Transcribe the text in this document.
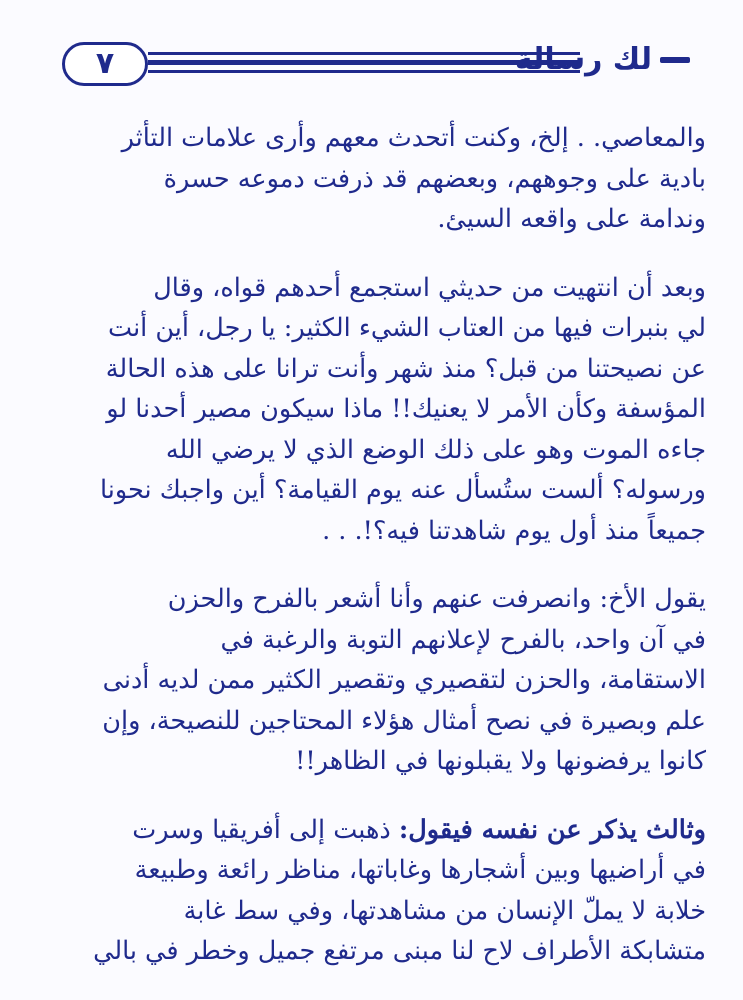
٧	لك رسالة

والمعاصي. . إلخ، وكنت أتحدث معهم وأرى علامات التأثر

بادية على وجوههم، وبعضهم قد ذرفت دموعه حسرة

وندامة على واقعه السيئ.

وبعد أن انتهيت من حديثي استجمع أحدهم قواه، وقال

لي بنبرات فيها من العتاب الشيء الكثير: يا رجل، أين أنت

عن نصيحتنا من قبل؟ منذ شهر وأنت ترانا على هذه الحالة

المؤسفة وكأن الأمر لا يعنيك!! ماذا سيكون مصير أحدنا لو

جاءه الموت وهو على ذلك الوضع الذي لا يرضي الله

ورسوله؟ ألست ستُسأل عنه يوم القيامة؟ أين واجبك نحونا

جميعاً منذ أول يوم شاهدتنا فيه؟!. . .

يقول الأخ: وانصرفت عنهم وأنا أشعر بالفرح والحزن

في آن واحد، بالفرح لإعلانهم التوبة والرغبة في

الاستقامة، والحزن لتقصيري وتقصير الكثير ممن لديه أدنى

علم وبصيرة في نصح أمثال هؤلاء المحتاجين للنصيحة، وإن

كانوا يرفضونها ولا يقبلونها في الظاهر!!

وثالث يذكر عن نفسه فيقول: ذهبت إلى أفريقيا وسرت

في أراضيها وبين أشجارها وغاباتها، مناظر رائعة وطبيعة

خلابة لا يملّ الإنسان من مشاهدتها، وفي سط غابة

متشابكة الأطراف لاح لنا مبنى مرتفع جميل وخطر في بالي
